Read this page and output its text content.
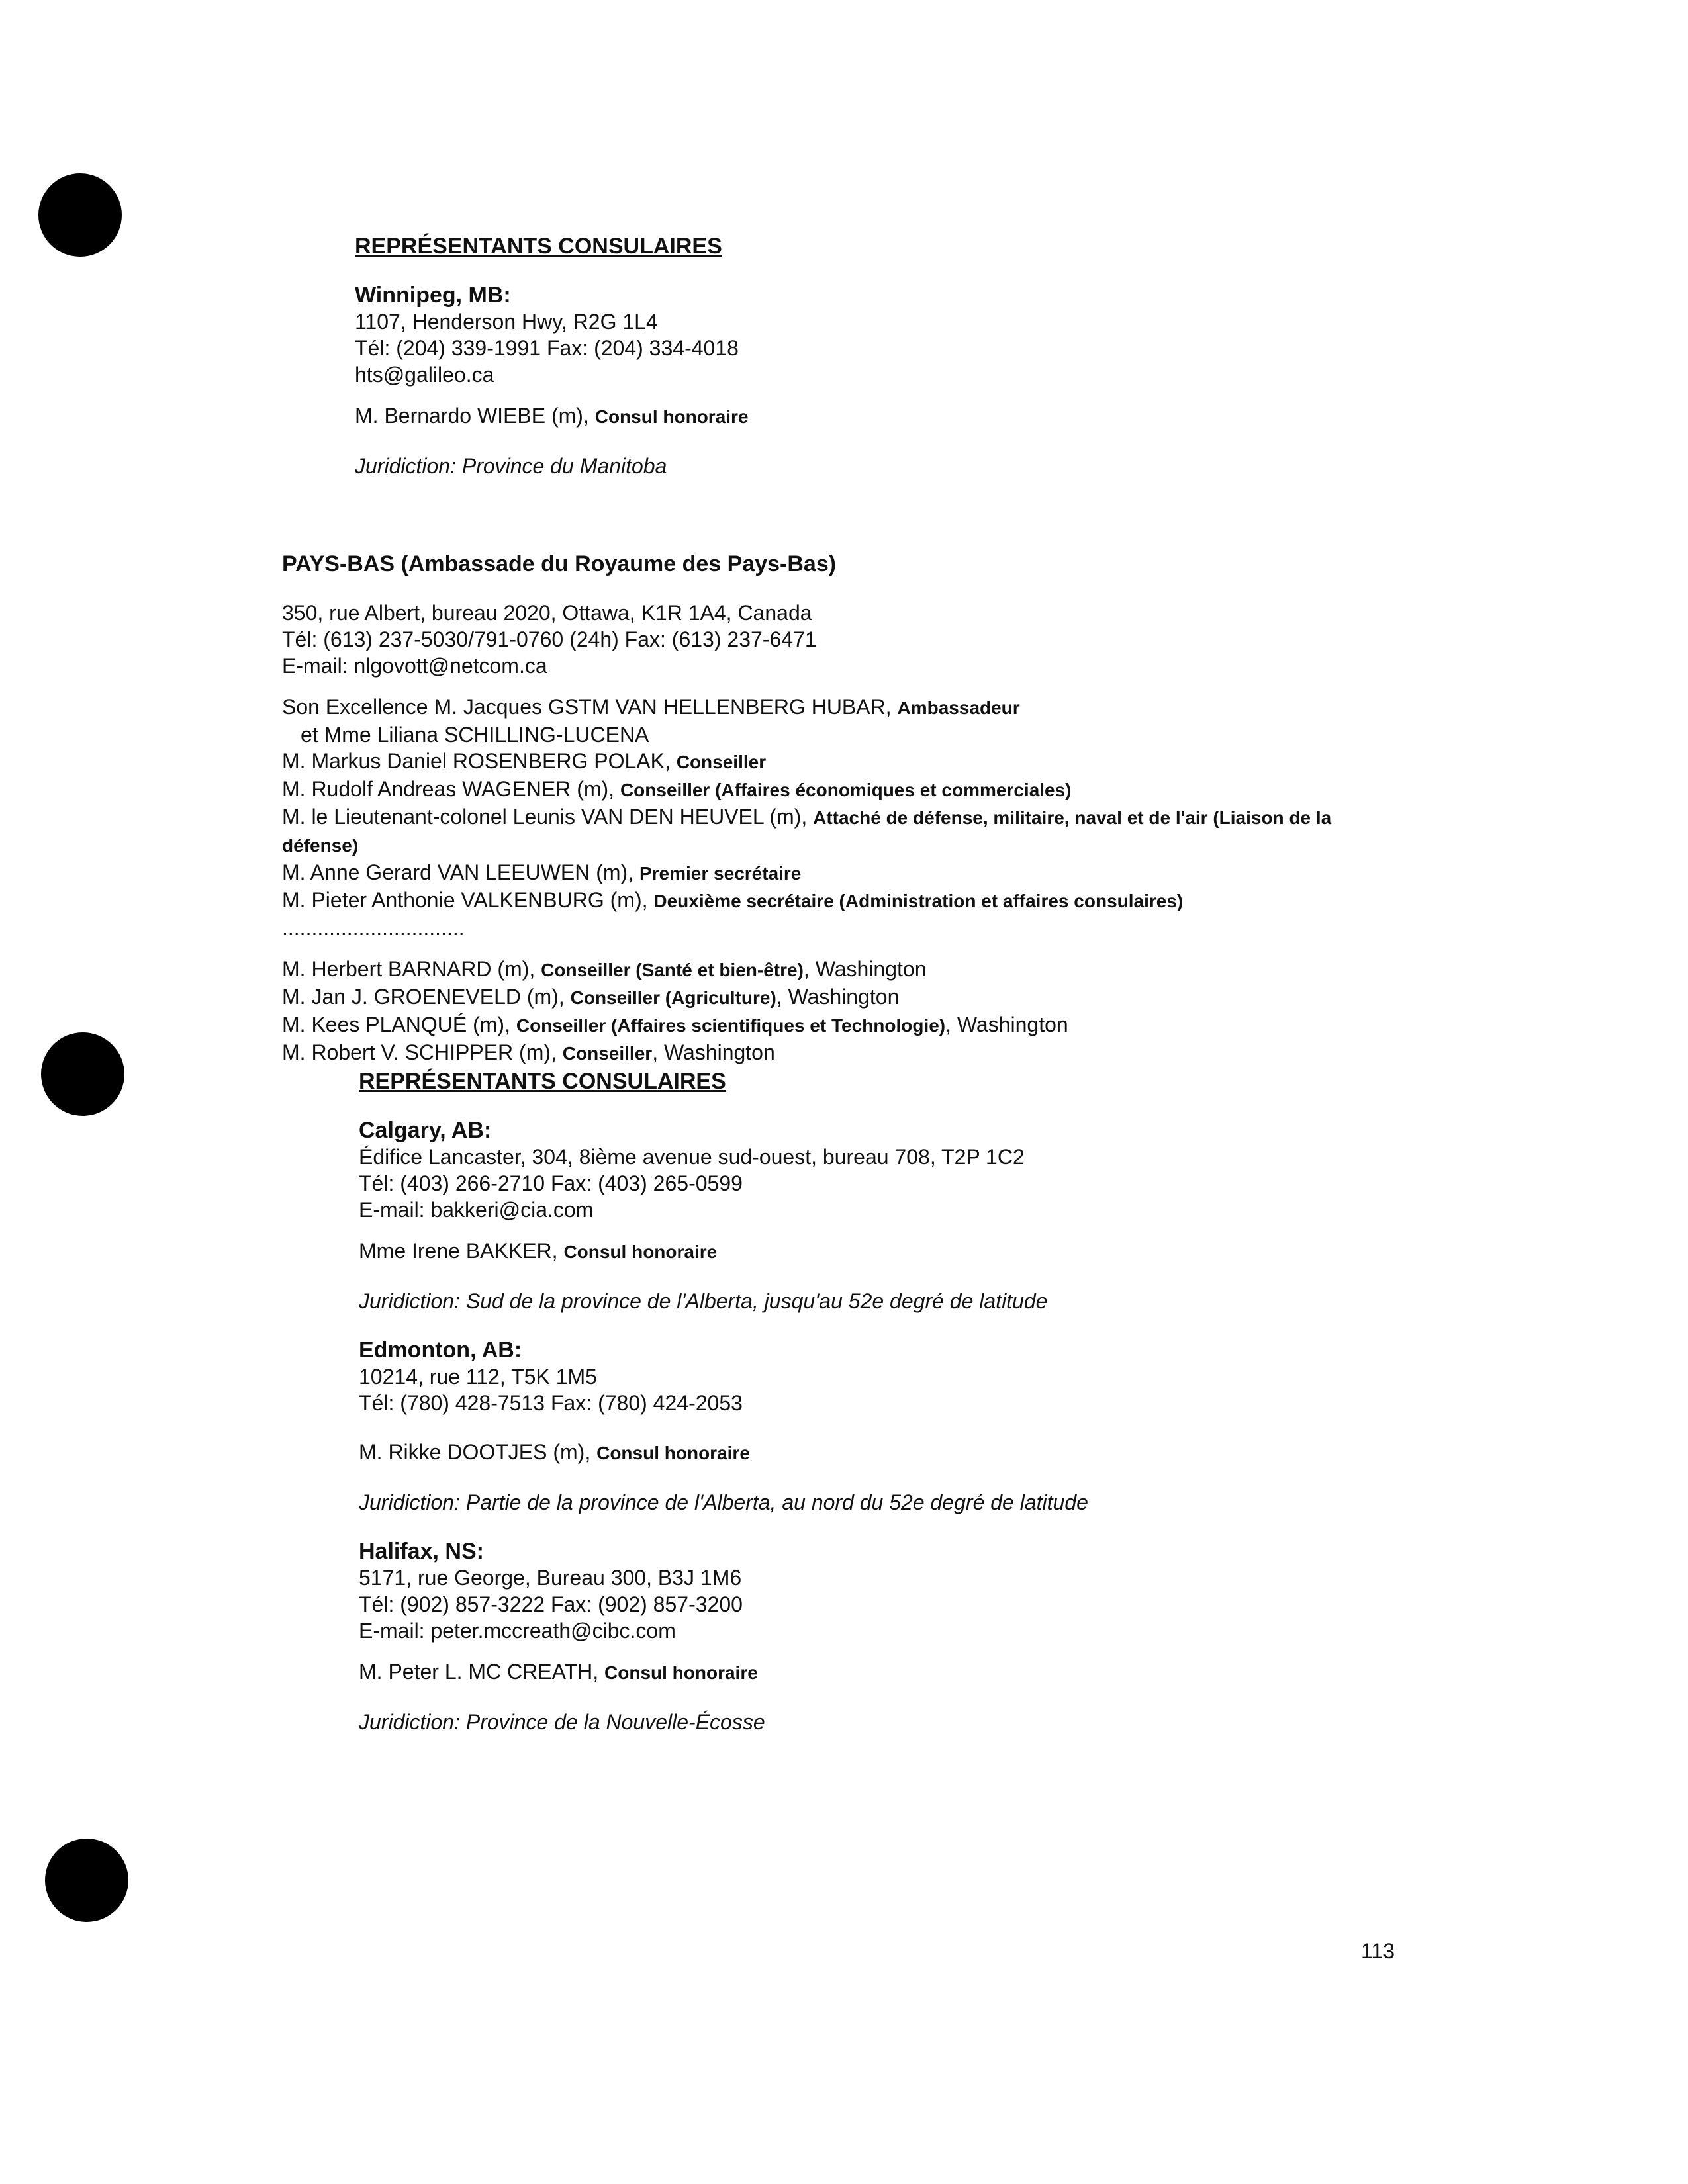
REPRÉSENTANTS CONSULAIRES

Winnipeg, MB:

1107, Henderson Hwy, R2G 1L4

Tél: (204) 339-1991 Fax: (204) 334-4018

hts@galileo.ca

M. Bernardo WIEBE (m), Consul honoraire

Juridiction: Province du Manitoba

PAYS-BAS (Ambassade du Royaume des Pays-Bas)

350, rue Albert, bureau 2020, Ottawa, K1R 1A4, Canada

Tél: (613) 237-5030/791-0760 (24h) Fax: (613) 237-6471

E-mail: nlgovott@netcom.ca

Son Excellence M. Jacques GSTM VAN HELLENBERG HUBAR, Ambassadeur

et Mme Liliana SCHILLING-LUCENA

M. Markus Daniel ROSENBERG POLAK, Conseiller

M. Rudolf Andreas WAGENER (m), Conseiller (Affaires économiques et commerciales)

M. le Lieutenant-colonel Leunis VAN DEN HEUVEL (m), Attaché de défense, militaire, naval et de l'air (Liaison de la défense)

M. Anne Gerard VAN LEEUWEN (m), Premier secrétaire

M. Pieter Anthonie VALKENBURG (m), Deuxième secrétaire (Administration et affaires consulaires)

...............................

M. Herbert BARNARD (m), Conseiller (Santé et bien-être), Washington

M. Jan J. GROENEVELD (m), Conseiller (Agriculture), Washington

M. Kees PLANQUÉ (m), Conseiller (Affaires scientifiques et Technologie), Washington

M. Robert V. SCHIPPER (m), Conseiller, Washington

REPRÉSENTANTS CONSULAIRES

Calgary, AB:

Édifice Lancaster, 304, 8ième avenue sud-ouest, bureau 708, T2P 1C2

Tél: (403) 266-2710 Fax: (403) 265-0599

E-mail: bakkeri@cia.com

Mme Irene BAKKER, Consul honoraire

Juridiction: Sud de la province de l'Alberta, jusqu'au 52e degré de latitude

Edmonton, AB:

10214, rue 112, T5K 1M5

Tél: (780) 428-7513 Fax: (780) 424-2053

M. Rikke DOOTJES (m), Consul honoraire

Juridiction: Partie de la province de l'Alberta, au nord du 52e degré de latitude

Halifax, NS:

5171, rue George, Bureau 300, B3J 1M6

Tél: (902) 857-3222 Fax: (902) 857-3200

E-mail: peter.mccreath@cibc.com

M. Peter L. MC CREATH, Consul honoraire

Juridiction: Province de la Nouvelle-Écosse

113
